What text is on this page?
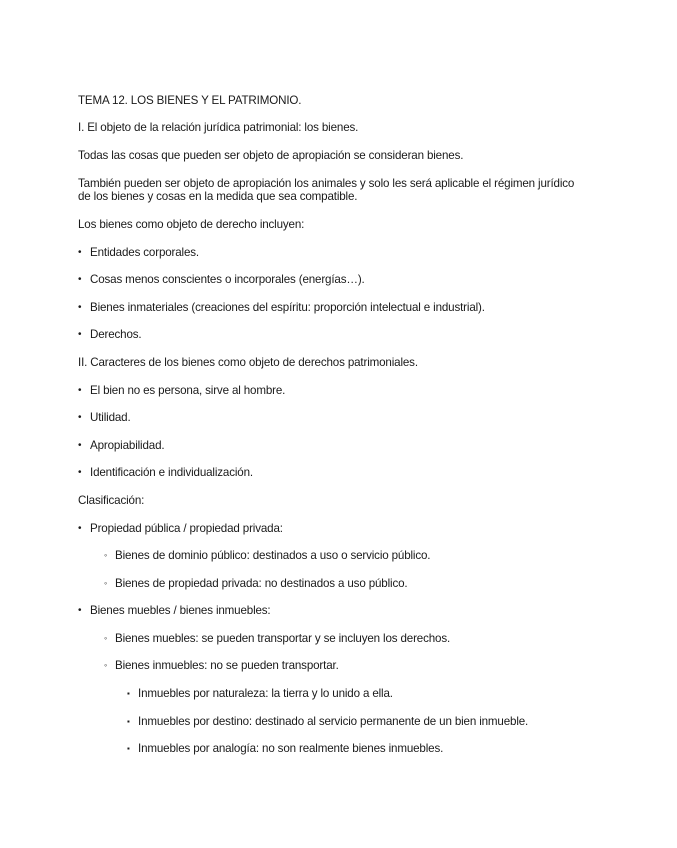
TEMA 12. LOS BIENES Y EL PATRIMONIO.
I. El objeto de la relación jurídica patrimonial: los bienes.
Todas las cosas que pueden ser objeto de apropiación se consideran bienes.
También pueden ser objeto de apropiación los animales y solo les será aplicable el régimen jurídico
de los bienes y cosas en la medida que sea compatible.
Los bienes como objeto de derecho incluyen:
• Entidades corporales.
• Cosas menos conscientes o incorporales (energías…).
• Bienes inmateriales (creaciones del espíritu: proporción intelectual e industrial).
• Derechos.
II. Caracteres de los bienes como objeto de derechos patrimoniales.
• El bien no es persona, sirve al hombre.
• Utilidad.
• Apropiabilidad.
• Identificación e individualización.
Clasificación:
• Propiedad pública / propiedad privada:
◦ Bienes de dominio público: destinados a uso o servicio público.
◦ Bienes de propiedad privada: no destinados a uso público.
• Bienes muebles / bienes inmuebles:
◦ Bienes muebles: se pueden transportar y se incluyen los derechos.
◦ Bienes inmuebles: no se pueden transportar.
▪ Inmuebles por naturaleza: la tierra y lo unido a ella.
▪ Inmuebles por destino: destinado al servicio permanente de un bien inmueble.
▪ Inmuebles por analogía: no son realmente bienes inmuebles.
